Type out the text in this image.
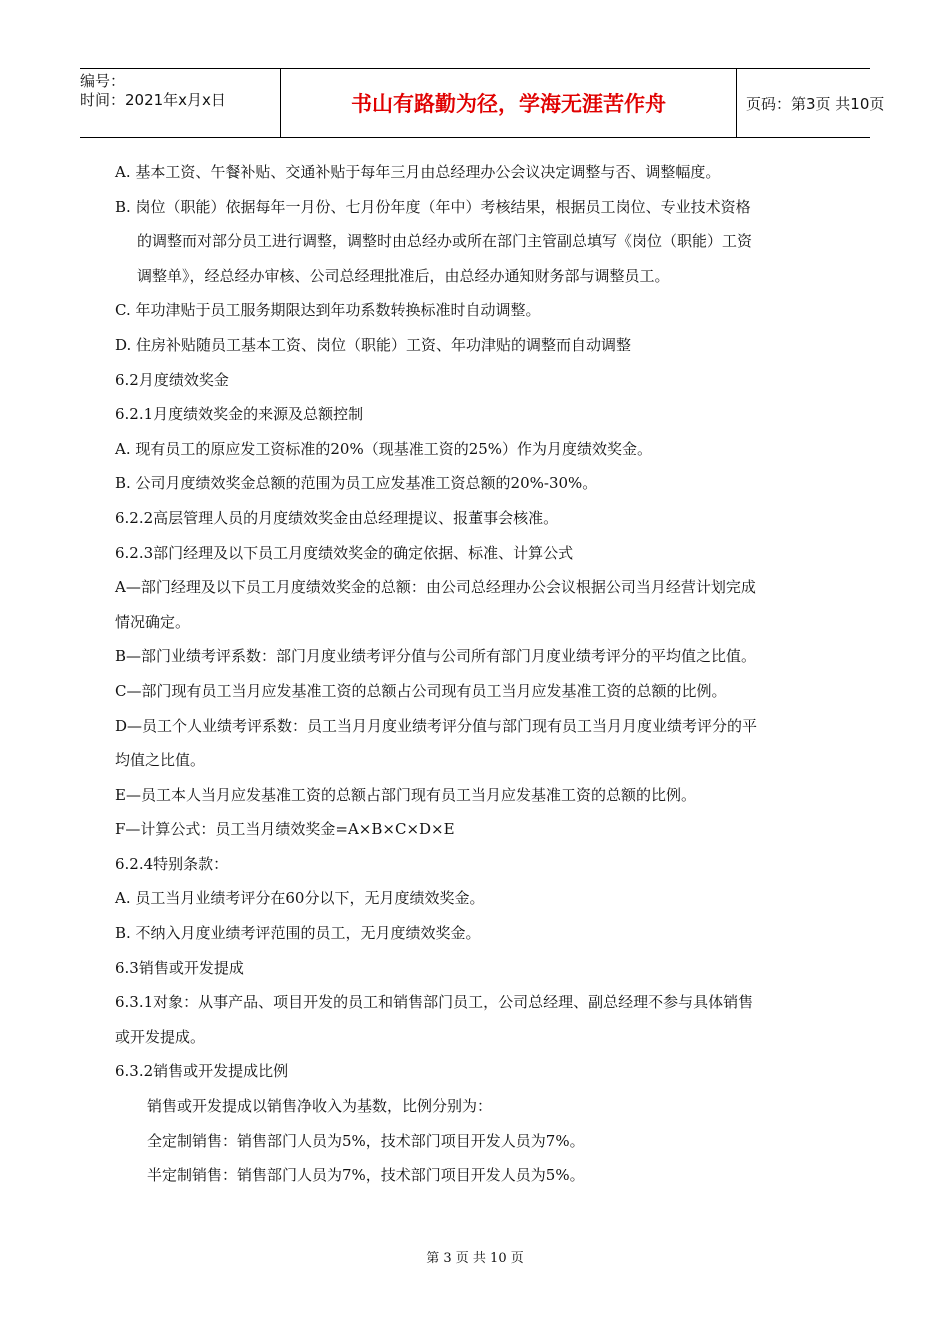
编号：
时间：2021年x月x日	书山有路勤为径，学海无涯苦作舟	页码：第3页 共10页

A. 基本工资、午餐补贴、交通补贴于每年三月由总经理办公会议决定调整与否、调整幅度。

B. 岗位（职能）依据每年一月份、七月份年度（年中）考核结果，根据员工岗位、专业技术资格

的调整而对部分员工进行调整，调整时由总经办或所在部门主管副总填写《岗位（职能）工资

调整单》，经总经办审核、公司总经理批准后，由总经办通知财务部与调整员工。

C. 年功津贴于员工服务期限达到年功系数转换标准时自动调整。

D. 住房补贴随员工基本工资、岗位（职能）工资、年功津贴的调整而自动调整

6.2月度绩效奖金

6.2.1月度绩效奖金的来源及总额控制

A. 现有员工的原应发工资标准的20%（现基准工资的25%）作为月度绩效奖金。

B. 公司月度绩效奖金总额的范围为员工应发基准工资总额的20%-30%。

6.2.2高层管理人员的月度绩效奖金由总经理提议、报董事会核准。

6.2.3部门经理及以下员工月度绩效奖金的确定依据、标准、计算公式

A—部门经理及以下员工月度绩效奖金的总额：由公司总经理办公会议根据公司当月经营计划完成

情况确定。

B—部门业绩考评系数：部门月度业绩考评分值与公司所有部门月度业绩考评分的平均值之比值。

C—部门现有员工当月应发基准工资的总额占公司现有员工当月应发基准工资的总额的比例。

D—员工个人业绩考评系数：员工当月月度业绩考评分值与部门现有员工当月月度业绩考评分的平

均值之比值。

E—员工本人当月应发基准工资的总额占部门现有员工当月应发基准工资的总额的比例。

F—计算公式：员工当月绩效奖金=A×B×C×D×E

6.2.4特别条款：

A. 员工当月业绩考评分在60分以下，无月度绩效奖金。

B. 不纳入月度业绩考评范围的员工，无月度绩效奖金。

6.3销售或开发提成

6.3.1对象：从事产品、项目开发的员工和销售部门员工，公司总经理、副总经理不参与具体销售

或开发提成。

6.3.2销售或开发提成比例

销售或开发提成以销售净收入为基数，比例分别为：

全定制销售：销售部门人员为5%，技术部门项目开发人员为7%。

半定制销售：销售部门人员为7%，技术部门项目开发人员为5%。

第 3 页 共 10 页
